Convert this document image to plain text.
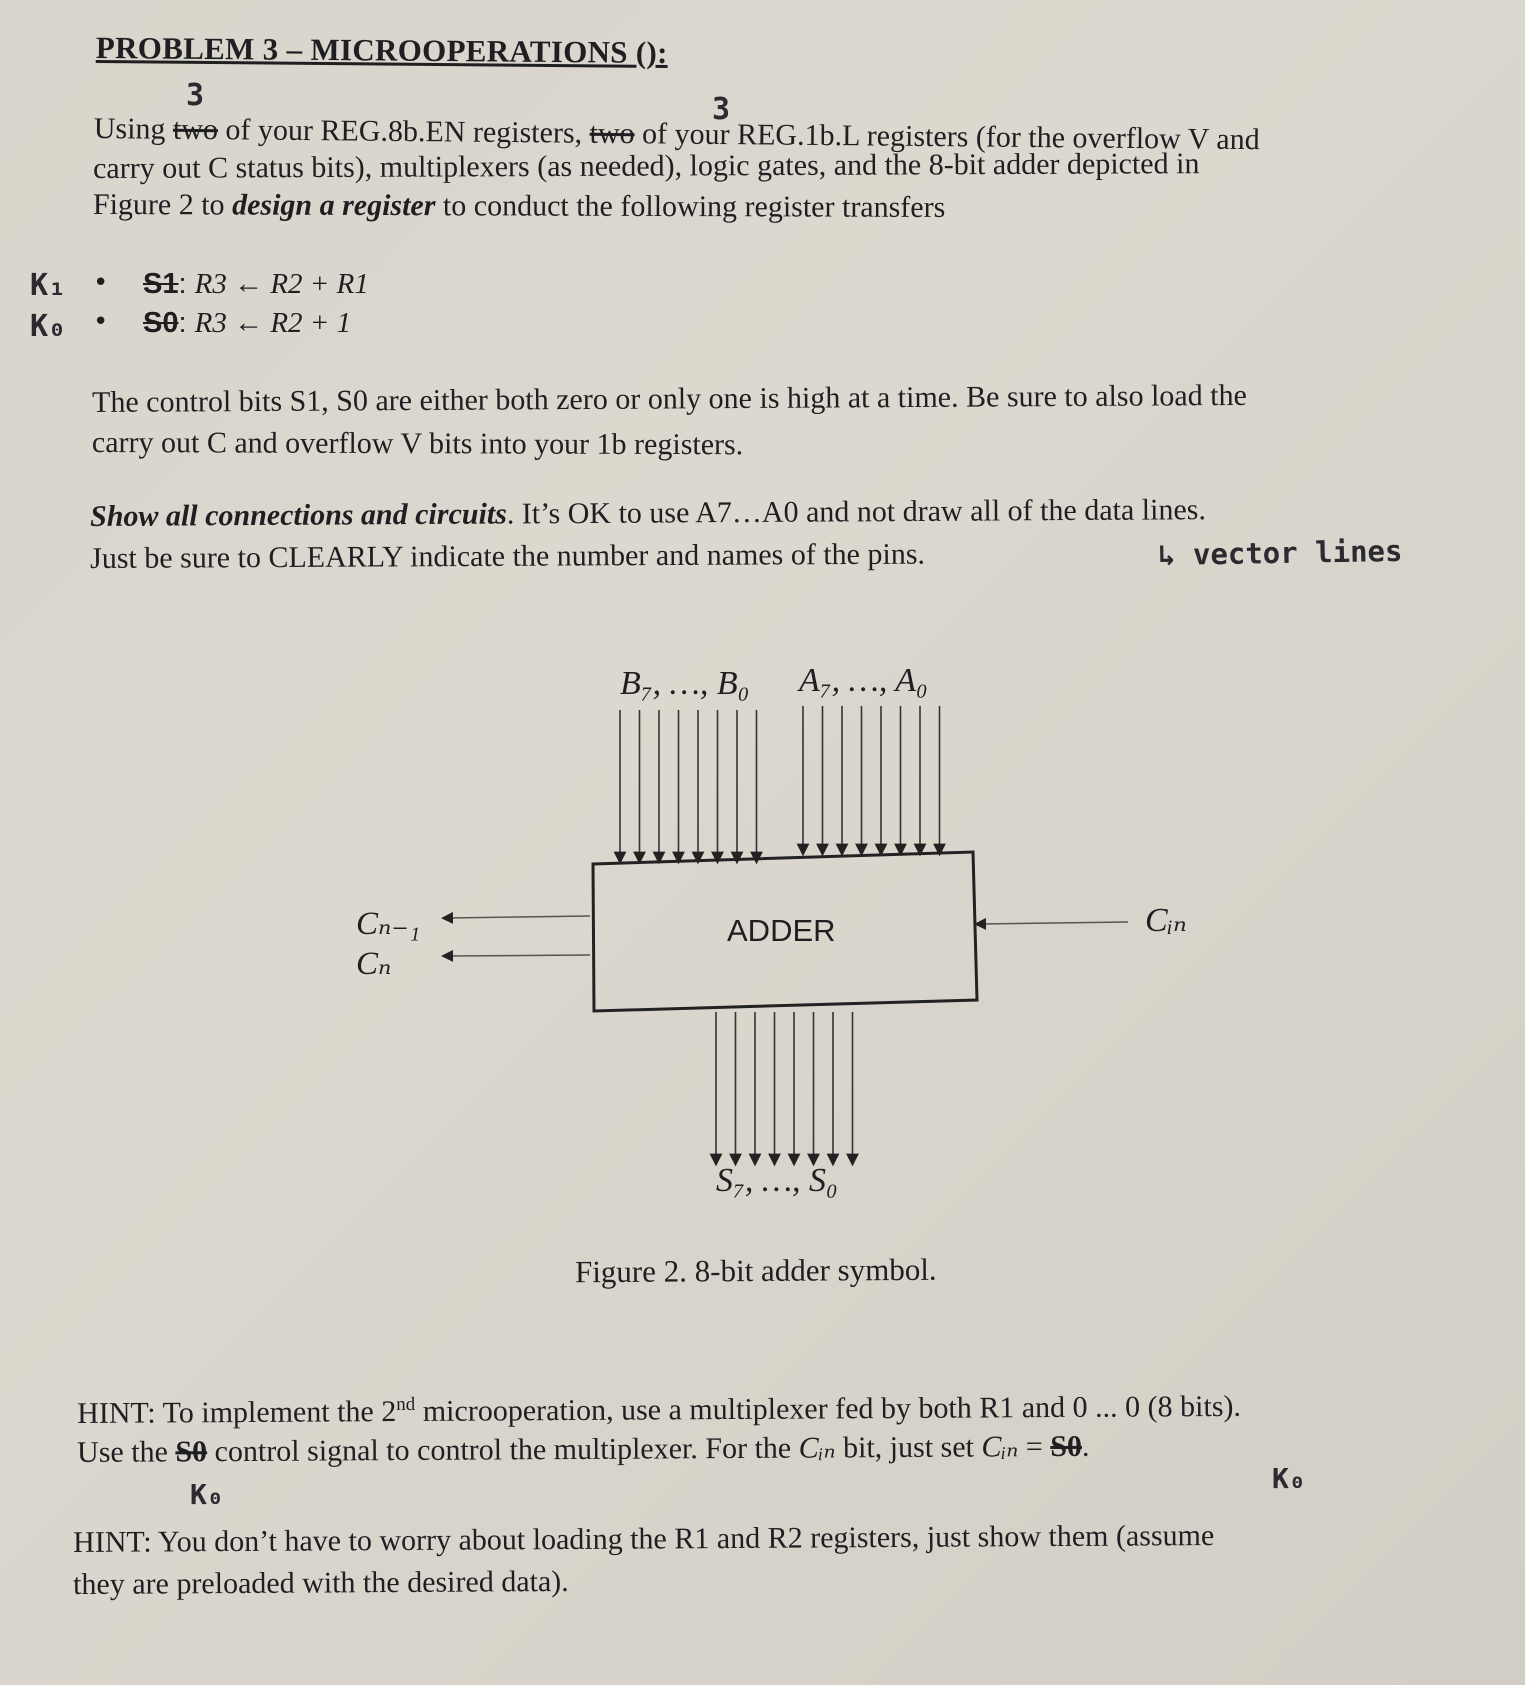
PROBLEM 3 – MICROOPERATIONS ():
3	3
Using two of your REG.8b.EN registers, two of your REG.1b.L registers (for the overflow V and
carry out C status bits), multiplexers (as needed), logic gates, and the 8-bit adder depicted in
Figure 2 to design a register to conduct the following register transfers
K₁ • S1: R3 ← R2 + R1
K₀ • S0: R3 ← R2 + 1
The control bits S1, S0 are either both zero or only one is high at a time. Be sure to also load the
carry out C and overflow V bits into your 1b registers.
Show all connections and circuits. It’s OK to use A7…A0 and not draw all of the data lines.
Just be sure to CLEARLY indicate the number and names of the pins.	↳ vector lines
B₇, …, B₀ A₇, …, A₀
ADDER
Cₙ₋₁
Cₙ
Cᵢₙ
S₇, …, S₀
Figure 2. 8-bit adder symbol.
HINT: To implement the 2nd microoperation, use a multiplexer fed by both R1 and 0 ... 0 (8 bits).
Use the S0 control signal to control the multiplexer. For the Cᵢₙ bit, just set Cᵢₙ = S0.
K₀	K₀
HINT: You don’t have to worry about loading the R1 and R2 registers, just show them (assume
they are preloaded with the desired data).
